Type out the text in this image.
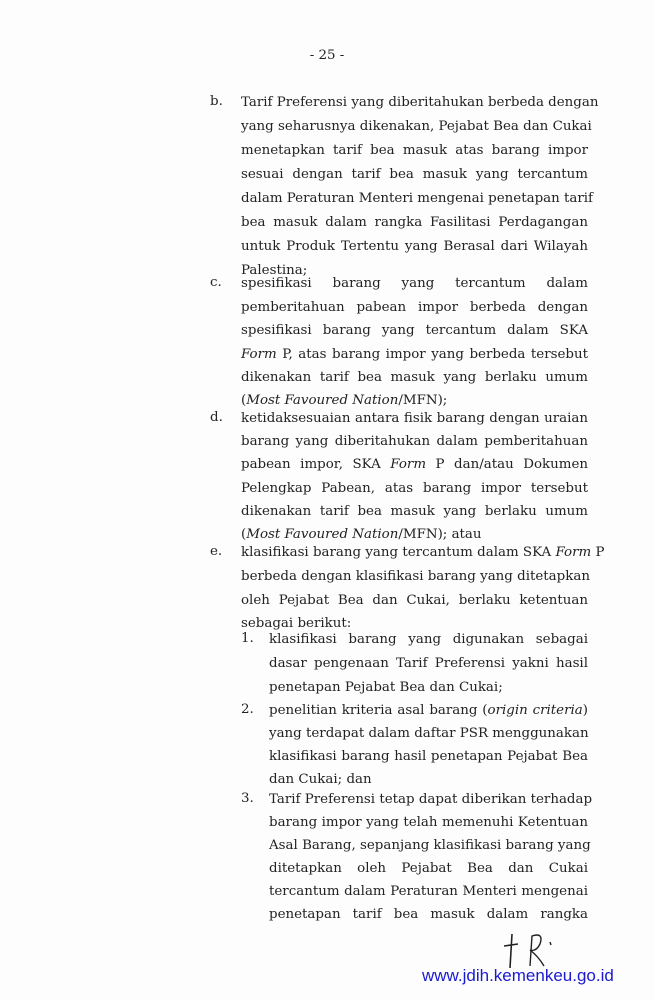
- 25 -
b. Tarif Preferensi yang diberitahukan berbeda dengan
yang seharusnya dikenakan, Pejabat Bea dan Cukai
menetapkan tarif bea masuk atas barang impor
sesuai dengan tarif bea masuk yang tercantum
dalam Peraturan Menteri mengenai penetapan tarif
bea masuk dalam rangka Fasilitasi Perdagangan
untuk Produk Tertentu yang Berasal dari Wilayah
Palestina;
c. spesifikasi barang yang tercantum dalam
pemberitahuan pabean impor berbeda dengan
spesifikasi barang yang tercantum dalam SKA
Form P, atas barang impor yang berbeda tersebut
dikenakan tarif bea masuk yang berlaku umum
(Most Favoured Nation/MFN);
d. ketidaksesuaian antara fisik barang dengan uraian
barang yang diberitahukan dalam pemberitahuan
pabean impor, SKA Form P dan/atau Dokumen
Pelengkap Pabean, atas barang impor tersebut
dikenakan tarif bea masuk yang berlaku umum
(Most Favoured Nation/MFN); atau
e. klasifikasi barang yang tercantum dalam SKA Form P
berbeda dengan klasifikasi barang yang ditetapkan
oleh Pejabat Bea dan Cukai, berlaku ketentuan
sebagai berikut:
1. klasifikasi barang yang digunakan sebagai
dasar pengenaan Tarif Preferensi yakni hasil
penetapan Pejabat Bea dan Cukai;
2. penelitian kriteria asal barang (origin criteria)
yang terdapat dalam daftar PSR menggunakan
klasifikasi barang hasil penetapan Pejabat Bea
dan Cukai; dan
3. Tarif Preferensi tetap dapat diberikan terhadap
barang impor yang telah memenuhi Ketentuan
Asal Barang, sepanjang klasifikasi barang yang
ditetapkan oleh Pejabat Bea dan Cukai
tercantum dalam Peraturan Menteri mengenai
penetapan tarif bea masuk dalam rangka
www.jdih.kemenkeu.go.id
